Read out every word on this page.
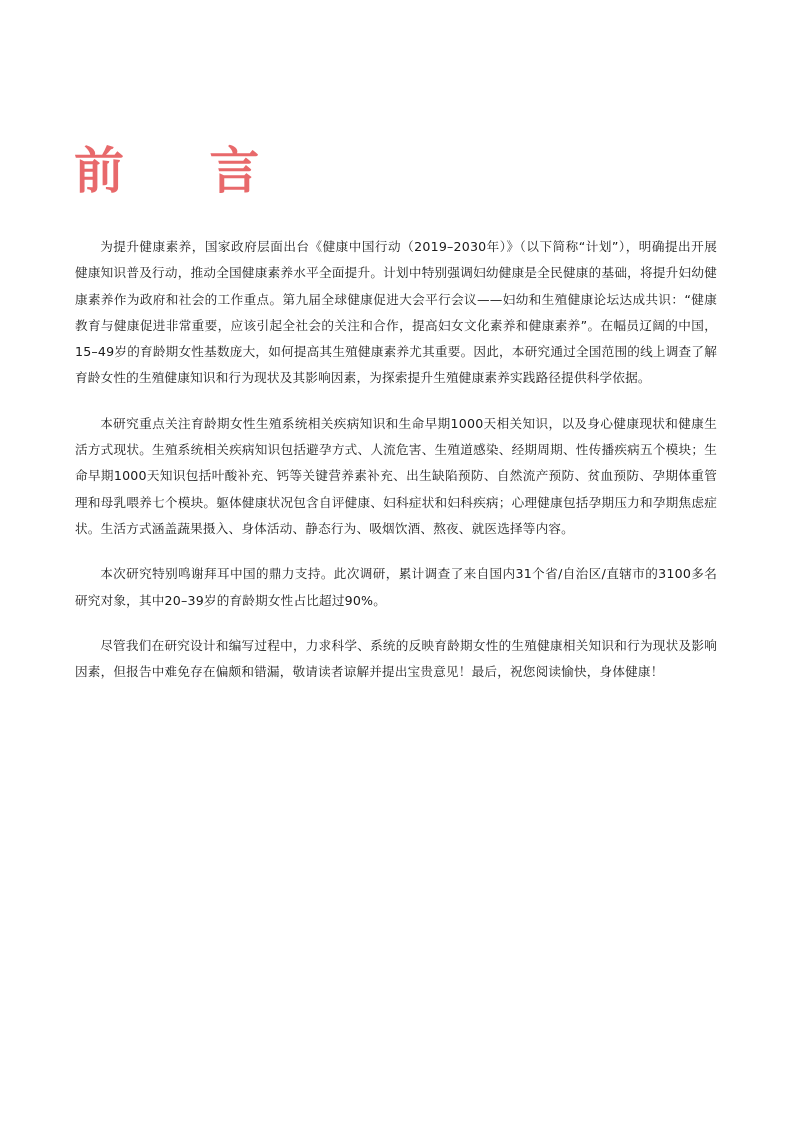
前 言

为提升健康素养，国家政府层面出台《健康中国行动（2019–2030年）》（以下简称“计划”），明确提出开展健康知识普及行动，推动全国健康素养水平全面提升。计划中特别强调妇幼健康是全民健康的基础，将提升妇幼健康素养作为政府和社会的工作重点。第九届全球健康促进大会平行会议——妇幼和生殖健康论坛达成共识：“健康教育与健康促进非常重要，应该引起全社会的关注和合作，提高妇女文化素养和健康素养”。在幅员辽阔的中国，15–49岁的育龄期女性基数庞大，如何提高其生殖健康素养尤其重要。因此，本研究通过全国范围的线上调查了解育龄女性的生殖健康知识和行为现状及其影响因素，为探索提升生殖健康素养实践路径提供科学依据。

本研究重点关注育龄期女性生殖系统相关疾病知识和生命早期1000天相关知识，以及身心健康现状和健康生活方式现状。生殖系统相关疾病知识包括避孕方式、人流危害、生殖道感染、经期周期、性传播疾病五个模块；生命早期1000天知识包括叶酸补充、钙等关键营养素补充、出生缺陷预防、自然流产预防、贫血预防、孕期体重管理和母乳喂养七个模块。躯体健康状况包含自评健康、妇科症状和妇科疾病；心理健康包括孕期压力和孕期焦虑症状。生活方式涵盖蔬果摄入、身体活动、静态行为、吸烟饮酒、熬夜、就医选择等内容。

本次研究特别鸣谢拜耳中国的鼎力支持。此次调研，累计调查了来自国内31个省/自治区/直辖市的3100多名研究对象，其中20–39岁的育龄期女性占比超过90%。

尽管我们在研究设计和编写过程中，力求科学、系统的反映育龄期女性的生殖健康相关知识和行为现状及影响因素，但报告中难免存在偏颇和错漏，敬请读者谅解并提出宝贵意见！最后，祝您阅读愉快，身体健康！
